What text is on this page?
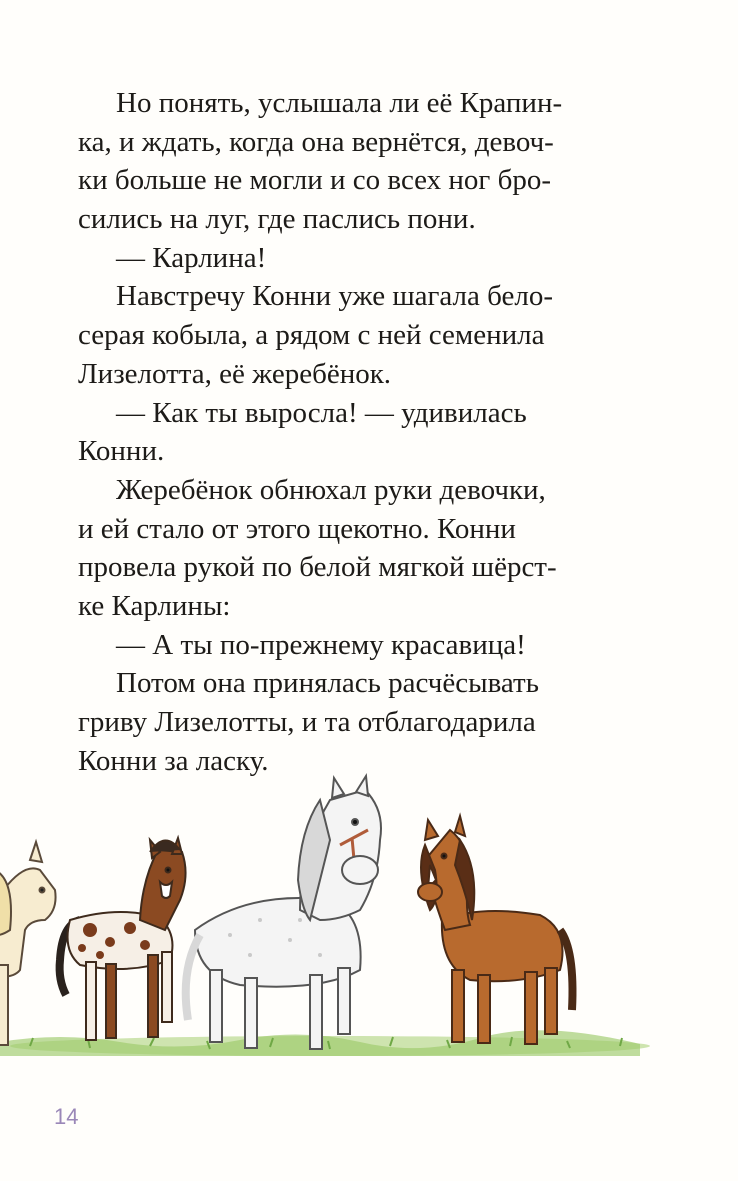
Но понять, услышала ли её Крапин-
ка, и ждать, когда она вернётся, девоч-
ки больше не могли и со всех ног бро-
сились на луг, где паслись пони.
— Карлина!
Навстречу Конни уже шагала бело-
серая кобыла, а рядом с ней семенила
Лизелотта, её жеребёнок.
— Как ты выросла! — удивилась
Конни.
Жеребёнок обнюхал руки девочки,
и ей стало от этого щекотно. Конни
провела рукой по белой мягкой шёрст-
ке Карлины:
— А ты по-прежнему красавица!
Потом она принялась расчёсывать
гриву Лизелотты, и та отблагодарила
Конни за ласку.
14
